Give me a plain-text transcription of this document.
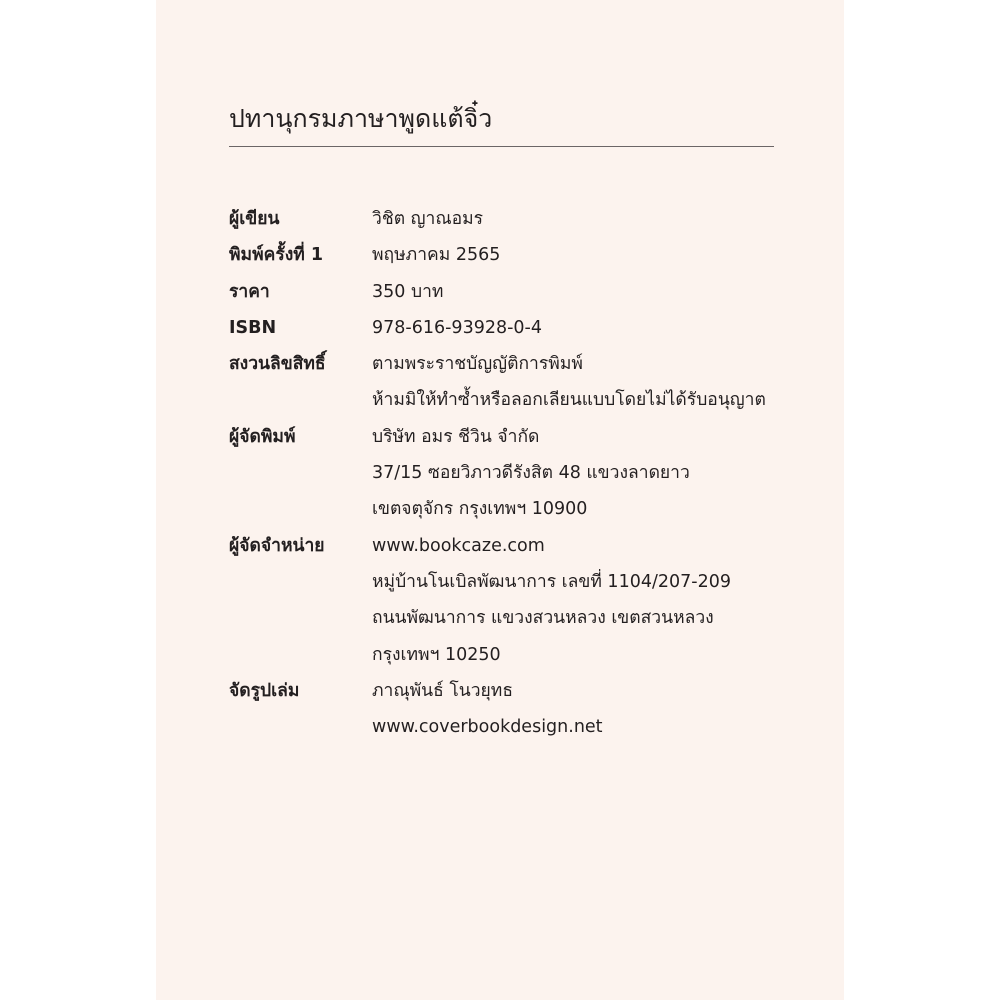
ปทานุกรมภาษาพูดแต้จิ๋ว
ผู้เขียน	วิชิต ญาณอมร
พิมพ์ครั้งที่ 1	พฤษภาคม 2565
ราคา	350 บาท
ISBN	978-616-93928-0-4
สงวนลิขสิทธิ์	ตามพระราชบัญญัติการพิมพ์
ห้ามมิให้ทำซ้ำหรือลอกเลียนแบบโดยไม่ได้รับอนุญาต
ผู้จัดพิมพ์	บริษัท อมร ชีวิน จำกัด
37/15 ซอยวิภาวดีรังสิต 48 แขวงลาดยาว
เขตจตุจักร กรุงเทพฯ 10900
ผู้จัดจำหน่าย	www.bookcaze.com
หมู่บ้านโนเบิลพัฒนาการ เลขที่ 1104/207-209
ถนนพัฒนาการ แขวงสวนหลวง เขตสวนหลวง
กรุงเทพฯ 10250
จัดรูปเล่ม	ภาณุพันธ์ โนวยุทธ
www.coverbookdesign.net
